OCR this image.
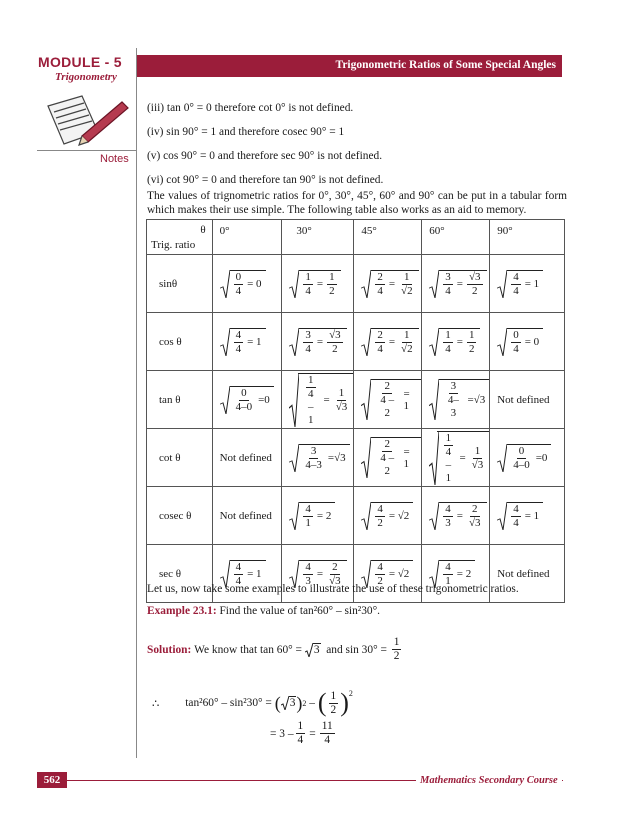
MODULE - 5
Trigonometry
Trigonometric Ratios of Some Special Angles
Notes
(iii) tan 0° = 0 therefore cot 0° is not defined.
(iv) sin 90° = 1 and therefore cosec 90° = 1
(v) cos 90° = 0 and therefore sec 90° is not defined.
(vi) cot 90° = 0 and therefore tan 90° is not defined.
The values of trignometric ratios for 0°, 30°, 45°, 60° and 90° can be put in a tabular form which makes their use simple. The following table also works as an aid to memory.
θ
Trig. ratio	0°	30°	45°	60°	90°
sinθ	$\frac{0}{4} = 0$	$\frac{1}{4} = \frac{1}{2}$	$\frac{2}{4} = \frac{1}{√2}$	$\frac{3}{4} = \frac{√3}{2}$	$\frac{4}{4} = 1$

cos θ	$\frac{4}{4} = 1$	$\frac{3}{4} = \frac{√3}{2}$	$\frac{2}{4} = \frac{1}{√2}$	$\frac{1}{4} = \frac{1}{2}$	$\frac{0}{4} = 0$

tan θ	$\frac{0}{4-0} =0$	$\frac{1}{4 - 1} = \frac{1}{√3}$	$\frac{2}{4 - 2} = 1$	$\frac{3}{4-3} =√3$	Not defined
cot θ	Not defined	$\frac{3}{4-3} =√3$	$\frac{2}{4 - 2} = 1$	$\frac{1}{4 - 1} = \frac{1}{√3}$	$\frac{0}{4-0} =0$

cosec θ	Not defined	$\frac{4}{1} = 2$	$\frac{4}{2} = √2$	$\frac{4}{3} = \frac{2}{√3}$	$\frac{4}{4} = 1$

sec θ	$\frac{4}{4} = 1$	$\frac{4}{3} = \frac{2}{√3}$	$\frac{4}{2} = √2$	$\frac{4}{1} = 2$	Not defined
Let us, now take some examples to illustrate the use of these trigonometric ratios.
Example 23.1: Find the value of tan²60° – sin²30°.
Solution:
We know that tan 60° =
3
and sin 30° =
$\frac{1}{2}$
∴ tan²60° – sin²30° =
( 3 ) 2
–
( $\frac{1}{2} )^2$
=
$3 - \frac{1}{4} = \frac{11}{4}$
562	Mathematics Secondary Course
